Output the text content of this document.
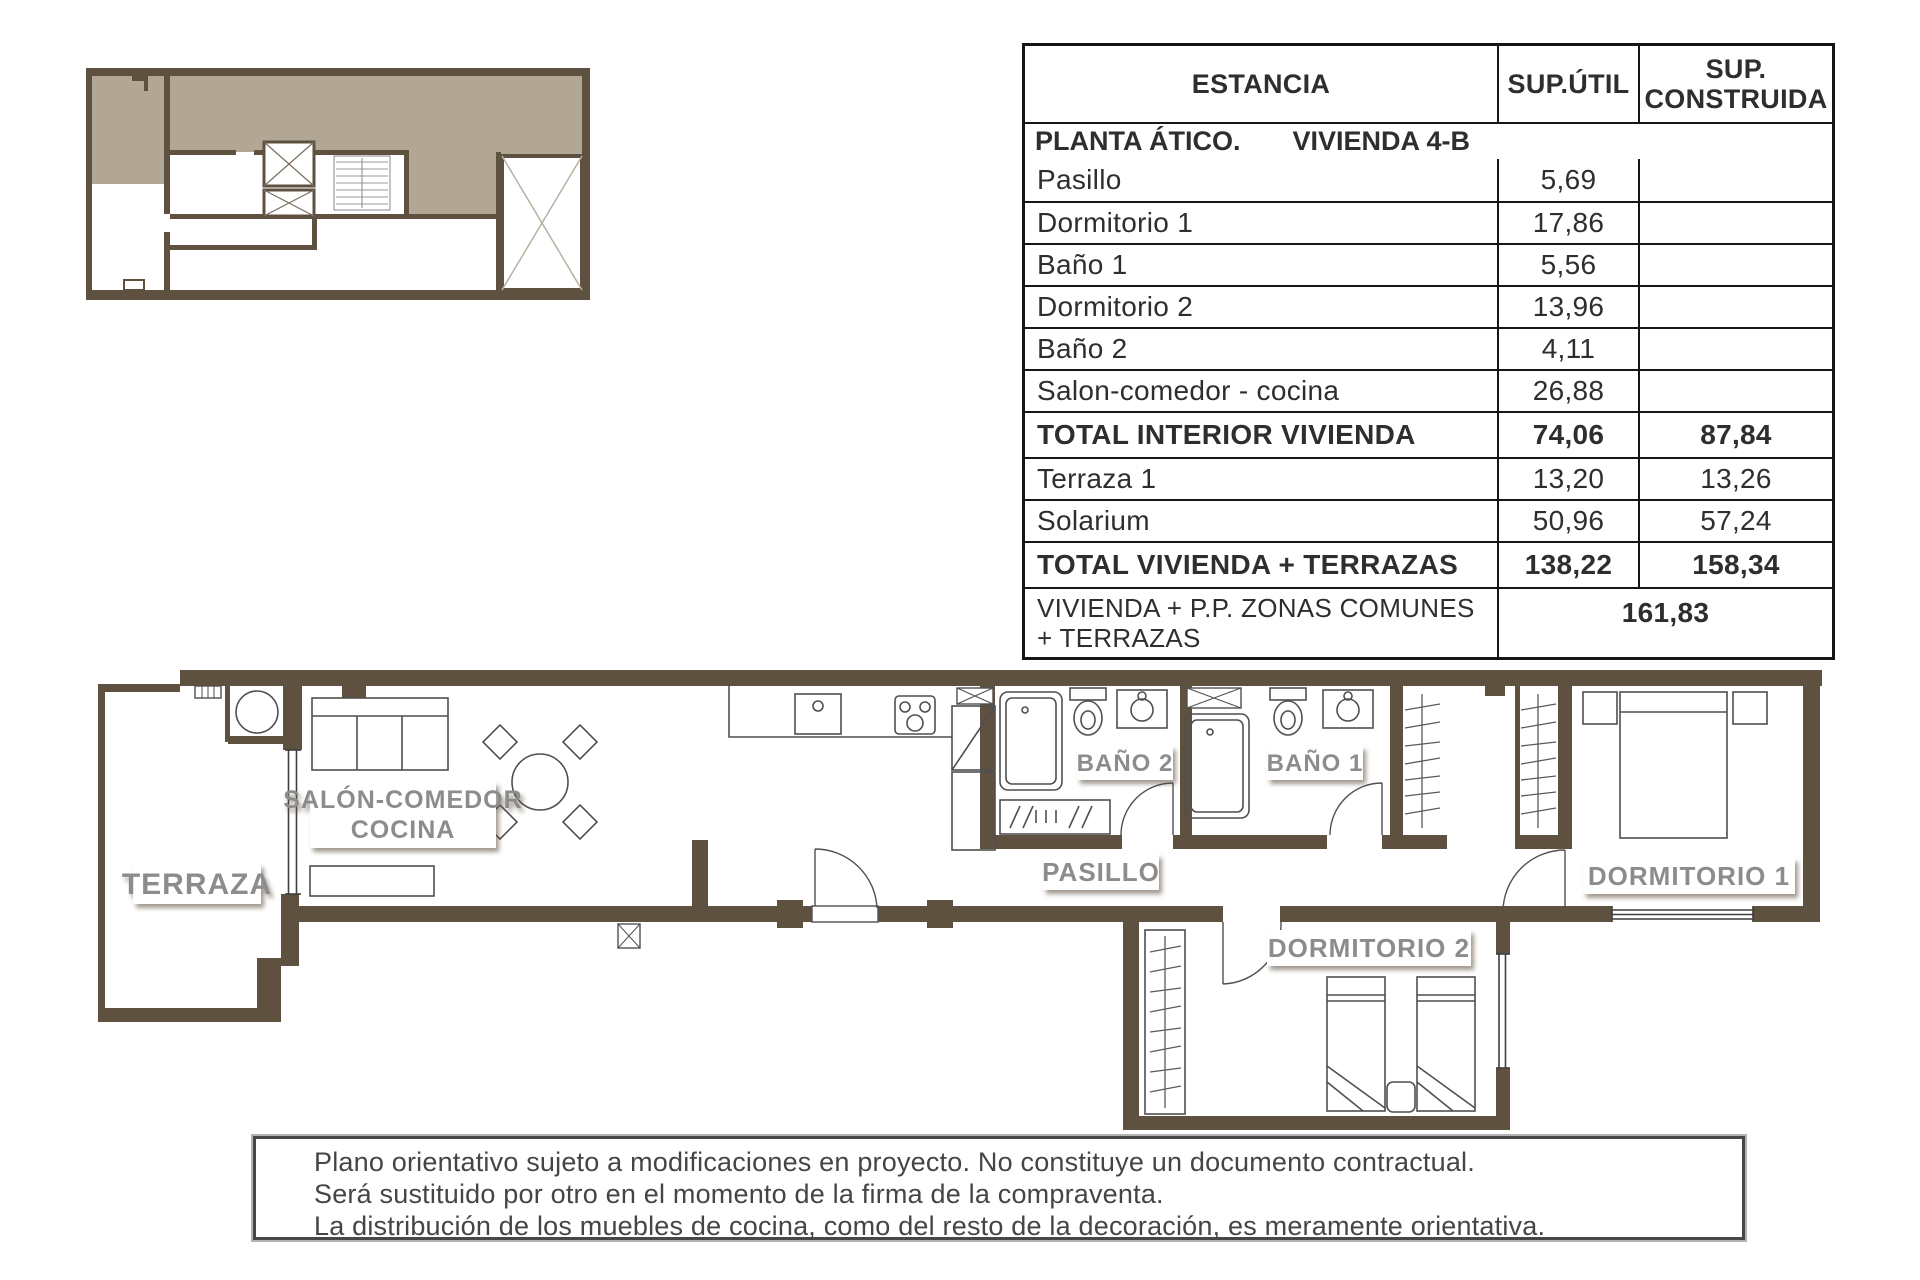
ESTANCIA	SUP.ÚTIL	SUP. CONSTRUIDA
PLANTA ÁTICO. VIVIENDA 4-B
Pasillo	5,69
Dormitorio 1	17,86
Baño 1	5,56
Dormitorio 2	13,96
Baño 2	4,11
Salon-comedor - cocina	26,88
TOTAL INTERIOR VIVIENDA	74,06	87,84
Terraza 1	13,20	13,26
Solarium	50,96	57,24
TOTAL VIVIENDA + TERRAZAS	138,22	158,34
VIVIENDA + P.P. ZONAS COMUNES + TERRAZAS
161,83
TERRAZA
SALÓN-COMEDOR
COCINA
BAÑO 2	BAÑO 1
PASILLO
DORMITORIO 2
DORMITORIO 1
Plano orientativo sujeto a modificaciones en proyecto. No constituye un documento contractual.
Será sustituido por otro en el momento de la firma de la compraventa.
La distribución de los muebles de cocina, como del resto de la decoración, es meramente orientativa.
